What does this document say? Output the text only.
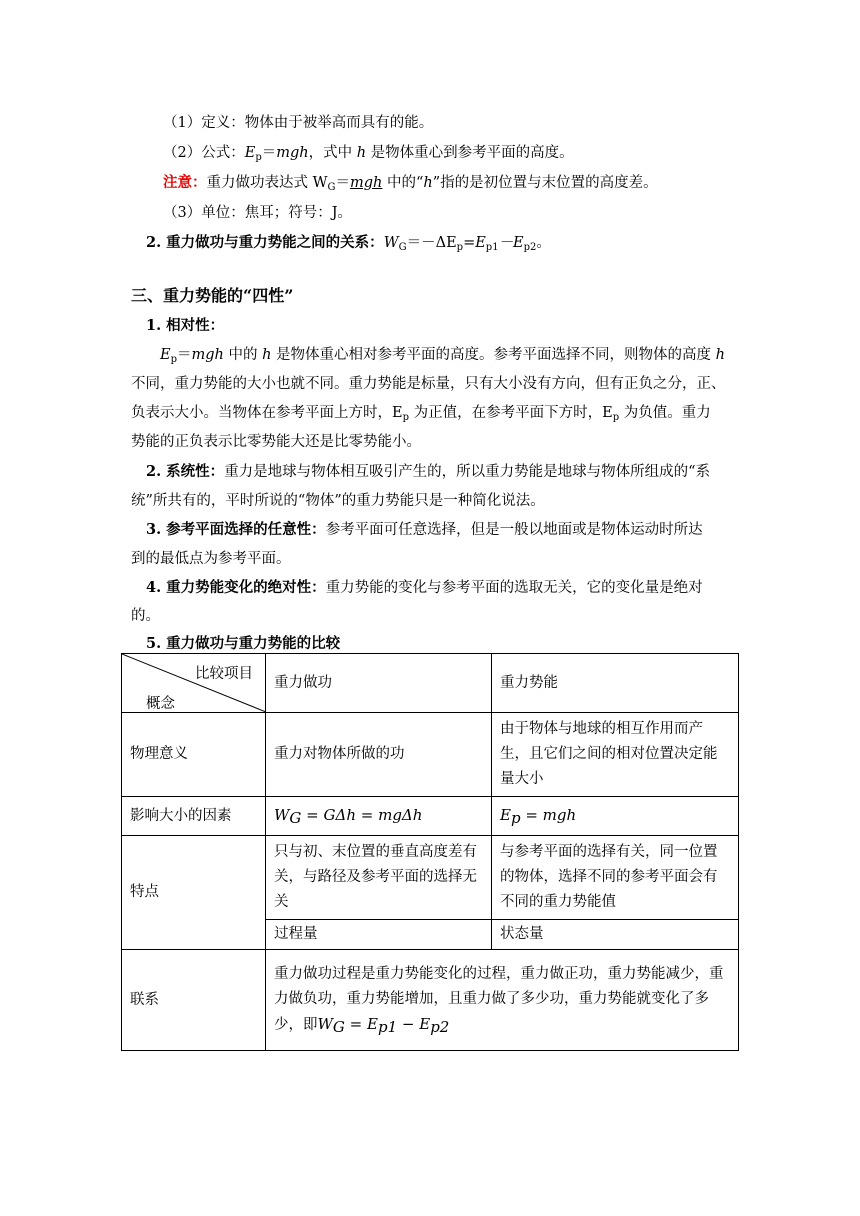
（1）定义：物体由于被举高而具有的能。
（2）公式：$E_p=mgh$，式中 h 是物体重心到参考平面的高度。
注意：重力做功表达式 $W_G=mgh$ 中的“h”指的是初位置与末位置的高度差。
（3）单位：焦耳；符号：J。
2. 重力做功与重力势能之间的关系：$W_G=-\Delta E_p=E_{p1}-E_{p2}$。
三、重力势能的“四性”
1. 相对性：
$E_p=mgh$ 中的 h 是物体重心相对参考平面的高度。参考平面选择不同，则物体的高度 h
不同，重力势能的大小也就不同。重力势能是标量，只有大小没有方向，但有正负之分，正、
负表示大小。当物体在参考平面上方时，$E_p$ 为正值，在参考平面下方时，$E_p$ 为负值。重力
势能的正负表示比零势能大还是比零势能小。
2. 系统性：重力是地球与物体相互吸引产生的，所以重力势能是地球与物体所组成的“系
统”所共有的，平时所说的“物体”的重力势能只是一种简化说法。
3. 参考平面选择的任意性：参考平面可任意选择，但是一般以地面或是物体运动时所达
到的最低点为参考平面。
4. 重力势能变化的绝对性：重力势能的变化与参考平面的选取无关，它的变化量是绝对
的。
5. 重力做功与重力势能的比较
比较项目
概念	重力做功	重力势能
物理意义	重力对物体所做的功	由于物体与地球的相互作用而产生，且它们之间的相对位置决定能量大小
影响大小的因素	$W_G = G\Delta h = mg\Delta h$	$E_p$ = mgh
特点	只与初、末位置的垂直高度差有关，与路径及参考平面的选择无关	与参考平面的选择有关，同一位置的物体，选择不同的参考平面会有不同的重力势能值
	过程量	状态量
联系	重力做功过程是重力势能变化的过程，重力做正功，重力势能减少，重力做负功，重力势能增加，且重力做了多少功，重力势能就变化了多少，即$W_G = E_{p1} - E_{p2}$
